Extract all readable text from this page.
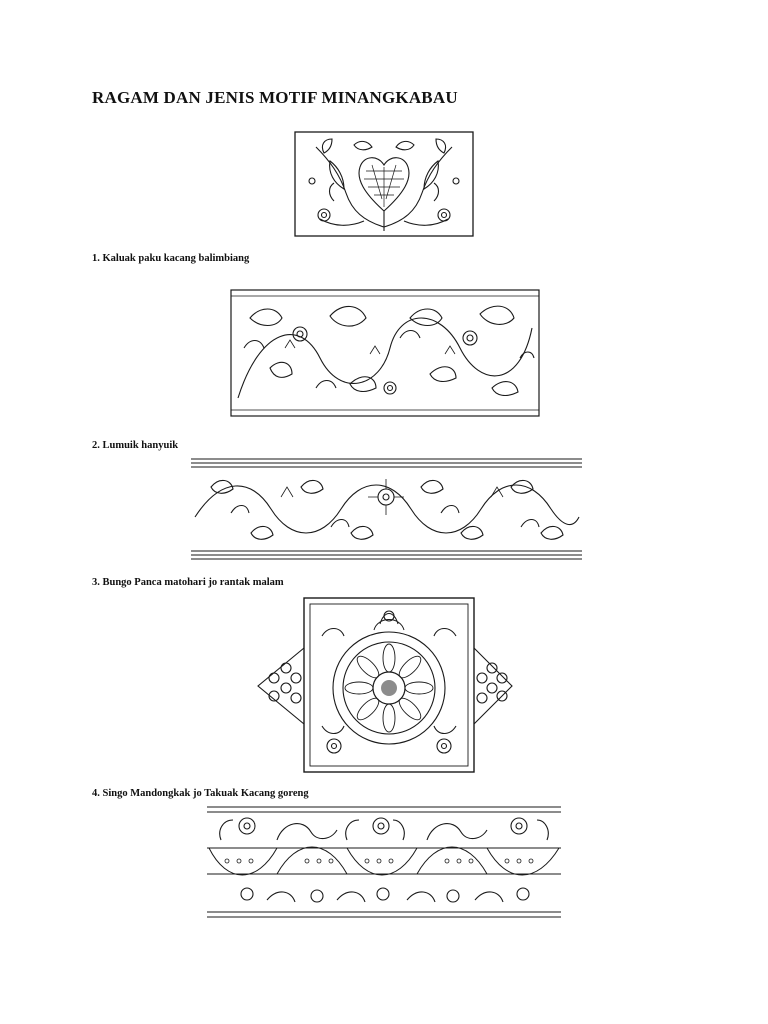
RAGAM DAN JENIS MOTIF MINANGKABAU
1. Kaluak paku kacang balimbiang
2. Lumuik hanyuik
3. Bungo Panca matohari jo rantak malam
4. Singo Mandongkak jo Takuak Kacang goreng
